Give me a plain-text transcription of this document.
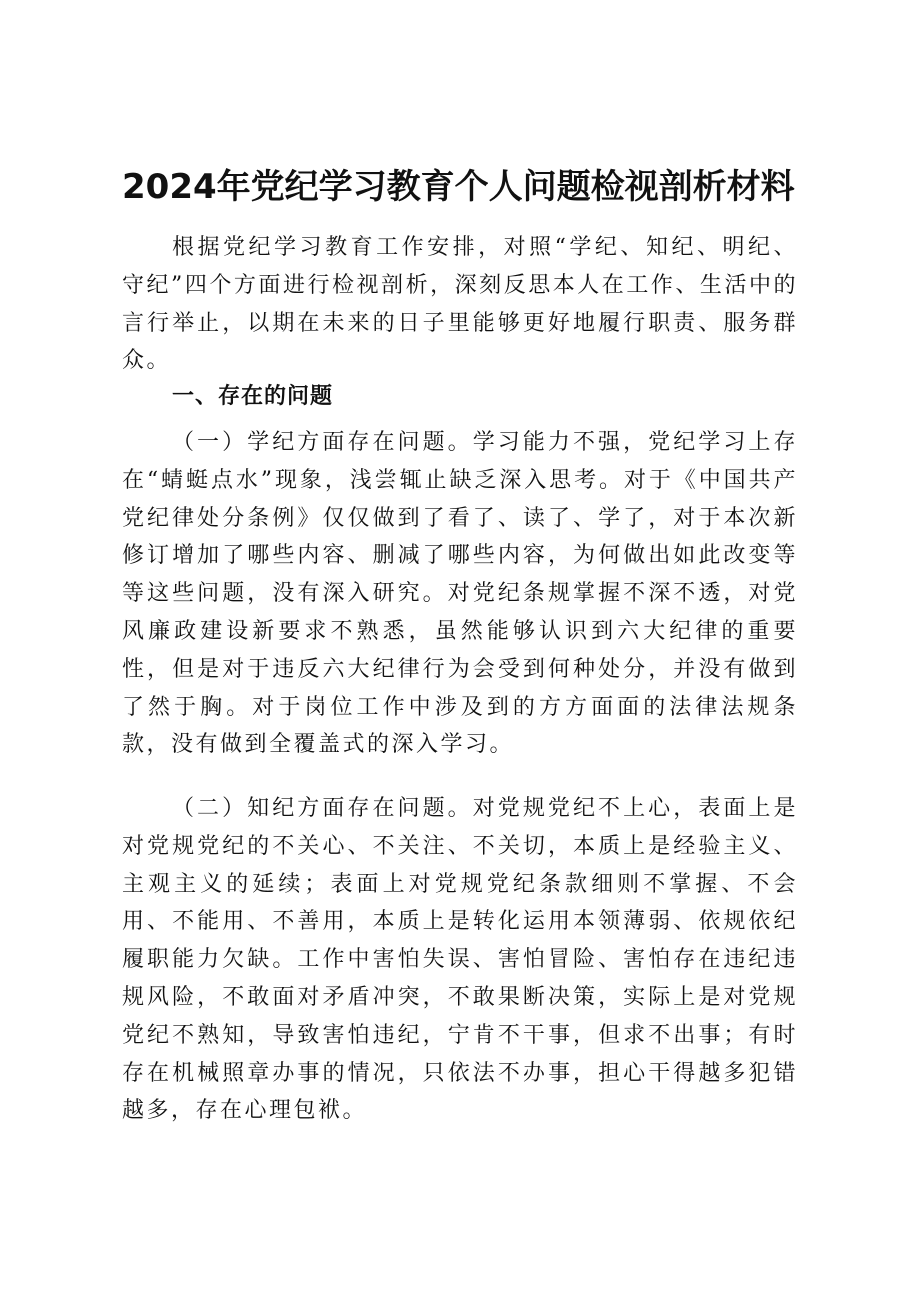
2024年党纪学习教育个人问题检视剖析材料

根据党纪学习教育工作安排，对照“学纪、知纪、明纪、守纪”四个方面进行检视剖析，深刻反思本人在工作、生活中的言行举止，以期在未来的日子里能够更好地履行职责、服务群众。

一、存在的问题

（一）学纪方面存在问题。学习能力不强，党纪学习上存在“蜻蜓点水”现象，浅尝辄止缺乏深入思考。对于《中国共产党纪律处分条例》仅仅做到了看了、读了、学了，对于本次新修订增加了哪些内容、删减了哪些内容，为何做出如此改变等等这些问题，没有深入研究。对党纪条规掌握不深不透，对党风廉政建设新要求不熟悉，虽然能够认识到六大纪律的重要性，但是对于违反六大纪律行为会受到何种处分，并没有做到了然于胸。对于岗位工作中涉及到的方方面面的法律法规条款，没有做到全覆盖式的深入学习。

（二）知纪方面存在问题。对党规党纪不上心，表面上是对党规党纪的不关心、不关注、不关切，本质上是经验主义、主观主义的延续；表面上对党规党纪条款细则不掌握、不会用、不能用、不善用，本质上是转化运用本领薄弱、依规依纪履职能力欠缺。工作中害怕失误、害怕冒险、害怕存在违纪违规风险，不敢面对矛盾冲突，不敢果断决策，实际上是对党规党纪不熟知，导致害怕违纪，宁肯不干事，但求不出事；有时存在机械照章办事的情况，只依法不办事，担心干得越多犯错越多，存在心理包袱。
